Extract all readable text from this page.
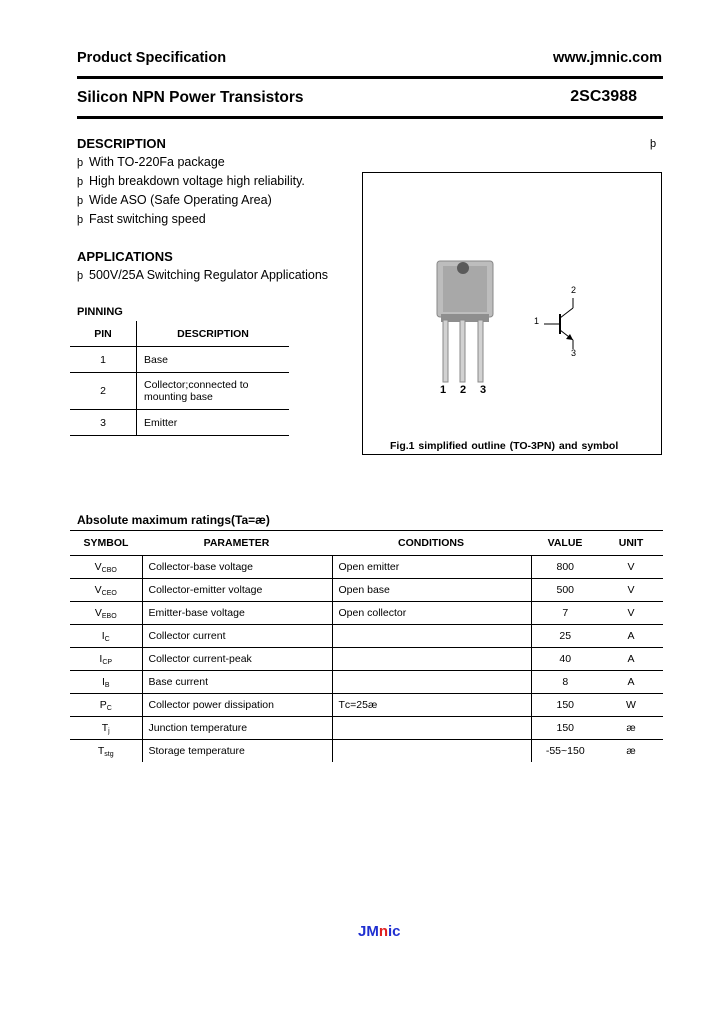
Product Specification	www.jmnic.com
Silicon NPN Power Transistors	2SC3988
DESCRIPTION	þ
þ With TO-220Fa package
þ High breakdown voltage high reliability.
þ Wide ASO (Safe Operating Area)
þ Fast switching speed
APPLICATIONS
þ 500V/25A Switching Regulator Applications
PINNING
PIN	DESCRIPTION
1	Base
2	Collector;connected to mounting base
3	Emitter
1 2 3
1
2
3
Fig.1 simplified outline (TO-3PN) and symbol
Absolute maximum ratings(Ta=æ)
SYMBOL	PARAMETER	CONDITIONS	VALUE	UNIT
$V_{CBO}$	Collector-base voltage	Open emitter	800	V
$V_{CEO}$	Collector-emitter voltage	Open base	500	V
$V_{EBO}$	Emitter-base voltage	Open collector	7	V
$I_C$	Collector current		25	A
$I_{CP}$	Collector current-peak		40	A
$I_B$	Base current		8	A
$P_C$	Collector power dissipation	Tᴄ=25æ	150	W
$T_j$	Junction temperature		150	æ
$T_{stg}$	Storage temperature		-55~150	æ
JMnic
